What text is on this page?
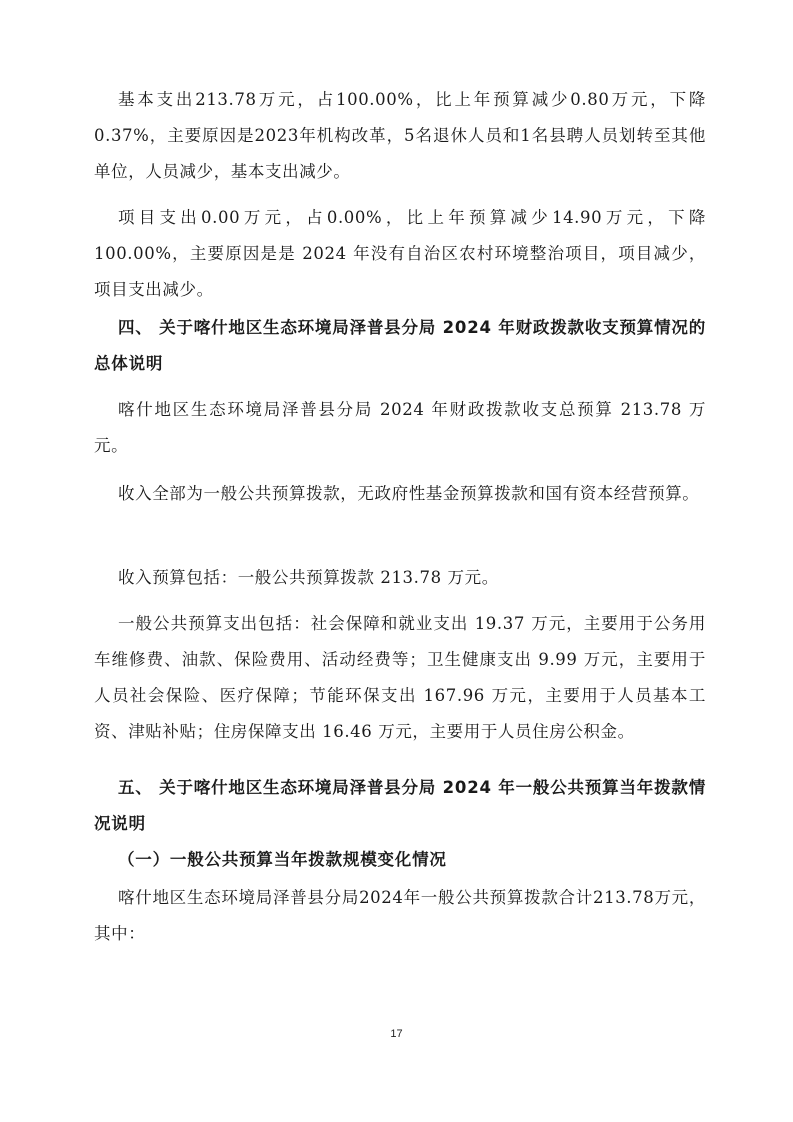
基本支出213.78万元，占100.00%，比上年预算减少0.80万元，下降0.37%，主要原因是2023年机构改革，5名退休人员和1名县聘人员划转至其他单位，人员减少，基本支出减少。

项目支出0.00万元，占0.00%，比上年预算减少14.90万元，下降100.00%，主要原因是是 2024 年没有自治区农村环境整治项目，项目减少，项目支出减少。

四、 关于喀什地区生态环境局泽普县分局 2024 年财政拨款收支预算情况的总体说明

喀什地区生态环境局泽普县分局 2024 年财政拨款收支总预算 213.78 万元。

收入全部为一般公共预算拨款，无政府性基金预算拨款和国有资本经营预算。

收入预算包括：一般公共预算拨款 213.78 万元。

一般公共预算支出包括：社会保障和就业支出 19.37 万元，主要用于公务用车维修费、油款、保险费用、活动经费等；卫生健康支出 9.99 万元，主要用于人员社会保险、医疗保障；节能环保支出 167.96 万元，主要用于人员基本工资、津贴补贴；住房保障支出 16.46 万元，主要用于人员住房公积金。

五、 关于喀什地区生态环境局泽普县分局 2024 年一般公共预算当年拨款情况说明

（一）一般公共预算当年拨款规模变化情况

喀什地区生态环境局泽普县分局2024年一般公共预算拨款合计213.78万元，其中：

17
